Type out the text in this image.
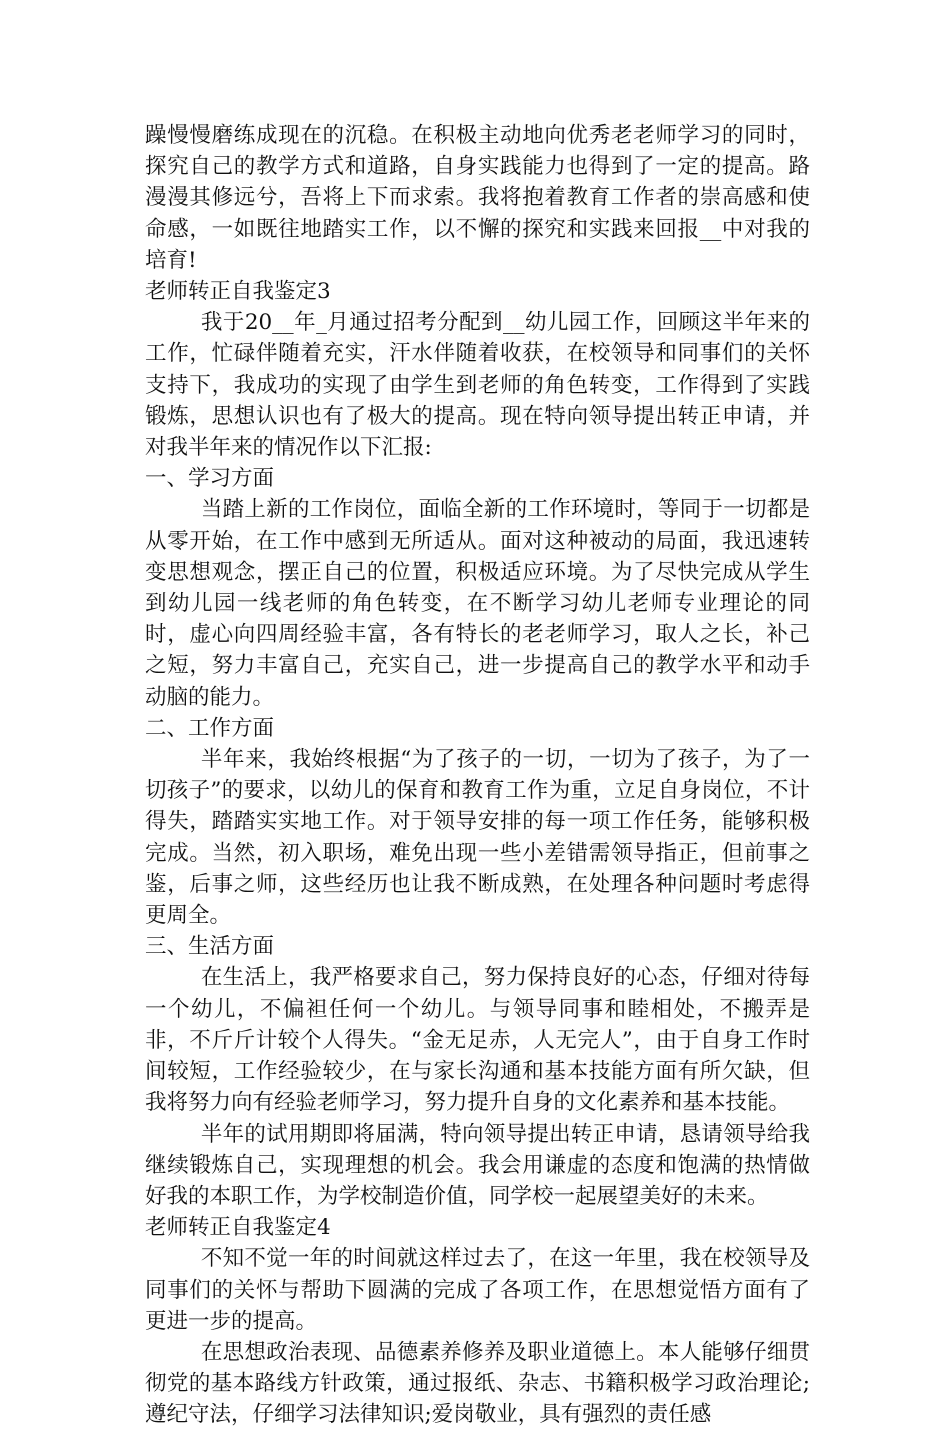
躁慢慢磨练成现在的沉稳。在积极主动地向优秀老老师学习的同时，探究自己的教学方式和道路，自身实践能力也得到了一定的提高。路漫漫其修远兮，吾将上下而求索。我将抱着教育工作者的崇高感和使命感，一如既往地踏实工作，以不懈的探究和实践来回报__中对我的培育!

老师转正自我鉴定3

我于20__年_月通过招考分配到__幼儿园工作，回顾这半年来的工作，忙碌伴随着充实，汗水伴随着收获，在校领导和同事们的关怀支持下，我成功的实现了由学生到老师的角色转变，工作得到了实践锻炼，思想认识也有了极大的提高。现在特向领导提出转正申请，并对我半年来的情况作以下汇报:

一、学习方面

当踏上新的工作岗位，面临全新的工作环境时，等同于一切都是从零开始，在工作中感到无所适从。面对这种被动的局面，我迅速转变思想观念，摆正自己的位置，积极适应环境。为了尽快完成从学生到幼儿园一线老师的角色转变，在不断学习幼儿老师专业理论的同时，虚心向四周经验丰富，各有特长的老老师学习，取人之长，补己之短，努力丰富自己，充实自己，进一步提高自己的教学水平和动手动脑的能力。

二、工作方面

半年来，我始终根据“为了孩子的一切，一切为了孩子，为了一切孩子”的要求，以幼儿的保育和教育工作为重，立足自身岗位，不计得失，踏踏实实地工作。对于领导安排的每一项工作任务，能够积极完成。当然，初入职场，难免出现一些小差错需领导指正，但前事之鉴，后事之师，这些经历也让我不断成熟，在处理各种问题时考虑得更周全。

三、生活方面

在生活上，我严格要求自己，努力保持良好的心态，仔细对待每一个幼儿，不偏袒任何一个幼儿。与领导同事和睦相处，不搬弄是非，不斤斤计较个人得失。“金无足赤，人无完人”，由于自身工作时间较短，工作经验较少，在与家长沟通和基本技能方面有所欠缺，但我将努力向有经验老师学习，努力提升自身的文化素养和基本技能。

半年的试用期即将届满，特向领导提出转正申请，恳请领导给我继续锻炼自己，实现理想的机会。我会用谦虚的态度和饱满的热情做好我的本职工作，为学校制造价值，同学校一起展望美好的未来。

老师转正自我鉴定4

不知不觉一年的时间就这样过去了，在这一年里，我在校领导及同事们的关怀与帮助下圆满的完成了各项工作，在思想觉悟方面有了更进一步的提高。

在思想政治表现、品德素养修养及职业道德上。本人能够仔细贯彻党的基本路线方针政策，通过报纸、杂志、书籍积极学习政治理论;遵纪守法，仔细学习法律知识;爱岗敬业，具有强烈的责任感
